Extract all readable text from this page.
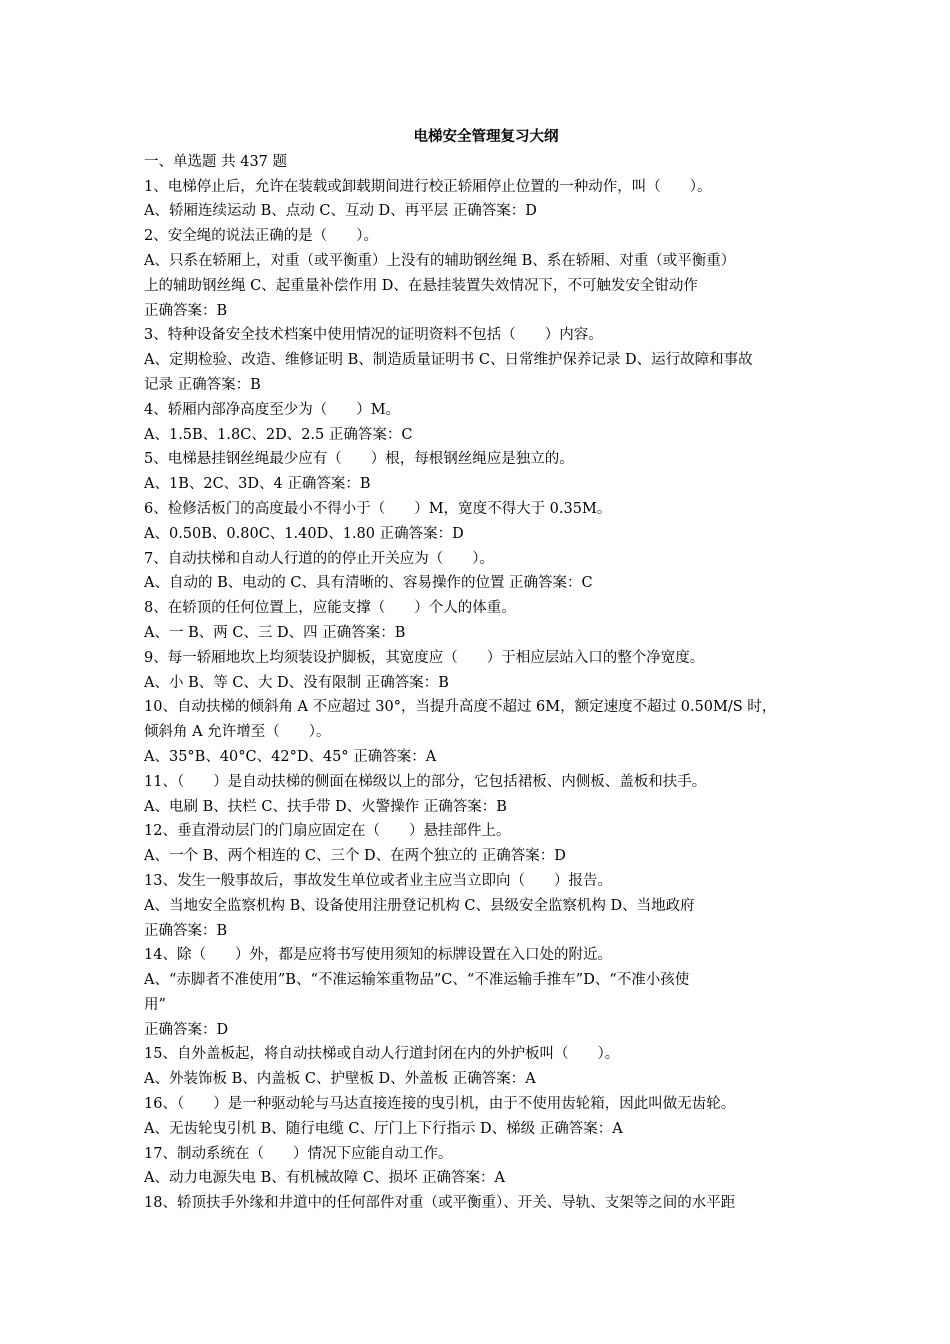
电梯安全管理复习大纲

一、单选题 共 437 题

1、电梯停止后，允许在装载或卸载期间进行校正轿厢停止位置的一种动作，叫（　　）。

A、轿厢连续运动 B、点动 C、互动 D、再平层 正确答案：D

2、安全绳的说法正确的是（　　）。

A、只系在轿厢上，对重（或平衡重）上没有的辅助钢丝绳 B、系在轿厢、对重（或平衡重）

上的辅助钢丝绳 C、起重量补偿作用 D、在悬挂装置失效情况下，不可触发安全钳动作

正确答案：B

3、特种设备安全技术档案中使用情况的证明资料不包括（　　）内容。

A、定期检验、改造、维修证明 B、制造质量证明书 C、日常维护保养记录 D、运行故障和事故

记录 正确答案：B

4、轿厢内部净高度至少为（　　）M。

A、1.5B、1.8C、2D、2.5 正确答案：C

5、电梯悬挂钢丝绳最少应有（　　）根，每根钢丝绳应是独立的。

A、1B、2C、3D、4 正确答案：B

6、检修活板门的高度最小不得小于（　　）M，宽度不得大于 0.35M。

A、0.50B、0.80C、1.40D、1.80 正确答案：D

7、自动扶梯和自动人行道的的停止开关应为（　　）。

A、自动的 B、电动的 C、具有清晰的、容易操作的位置 正确答案：C

8、在轿顶的任何位置上，应能支撑（　　）个人的体重。

A、一 B、两 C、三 D、四 正确答案：B

9、每一轿厢地坎上均须装设护脚板，其宽度应（　　）于相应层站入口的整个净宽度。

A、小 B、等 C、大 D、没有限制 正确答案：B

10、自动扶梯的倾斜角 A 不应超过 30°，当提升高度不超过 6M，额定速度不超过 0.50M/S 时，

倾斜角 A 允许增至（　　）。

A、35°B、40°C、42°D、45° 正确答案：A

11、（　　）是自动扶梯的侧面在梯级以上的部分，它包括裙板、内侧板、盖板和扶手。

A、电刷 B、扶栏 C、扶手带 D、火警操作 正确答案：B

12、垂直滑动层门的门扇应固定在（　　）悬挂部件上。

A、一个 B、两个相连的 C、三个 D、在两个独立的 正确答案：D

13、发生一般事故后，事故发生单位或者业主应当立即向（　　）报告。

A、当地安全监察机构 B、设备使用注册登记机构 C、县级安全监察机构 D、当地政府

正确答案：B

14、除（　　）外，都是应将书写使用须知的标牌设置在入口处的附近。

A、“赤脚者不准使用”B、“不准运输笨重物品”C、“不准运输手推车”D、“不准小孩使

用”

正确答案：D

15、自外盖板起，将自动扶梯或自动人行道封闭在内的外护板叫（　　）。

A、外装饰板 B、内盖板 C、护壁板 D、外盖板 正确答案：A

16、（　　）是一种驱动轮与马达直接连接的曳引机，由于不使用齿轮箱，因此叫做无齿轮。

A、无齿轮曳引机 B、随行电缆 C、厅门上下行指示 D、梯级 正确答案：A

17、制动系统在（　　）情况下应能自动工作。

A、动力电源失电 B、有机械故障 C、损坏 正确答案：A

18、轿顶扶手外缘和井道中的任何部件对重（或平衡重）、开关、导轨、支架等之间的水平距
